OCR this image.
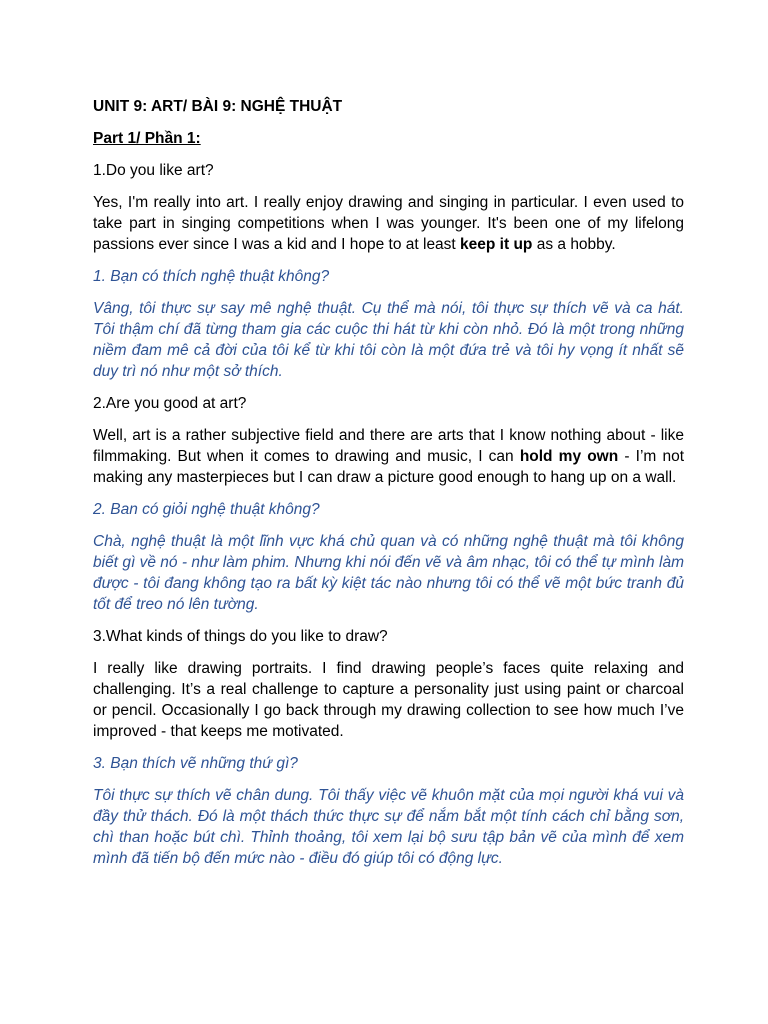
UNIT 9: ART/ BÀI 9: NGHỆ THUẬT

Part 1/ Phần 1:

1.Do you like art?

Yes, I'm really into art. I really enjoy drawing and singing in particular. I even used to take part in singing competitions when I was younger. It's been one of my lifelong passions ever since I was a kid and I hope to at least keep it up as a hobby.

1. Bạn có thích nghệ thuật không?

Vâng, tôi thực sự say mê nghệ thuật. Cụ thể mà nói, tôi thực sự thích vẽ và ca hát. Tôi thậm chí đã từng tham gia các cuộc thi hát từ khi còn nhỏ. Đó là một trong những niềm đam mê cả đời của tôi kể từ khi tôi còn là một đứa trẻ và tôi hy vọng ít nhất sẽ duy trì nó như một sở thích.

2.Are you good at art?

Well, art is a rather subjective field and there are arts that I know nothing about - like filmmaking. But when it comes to drawing and music, I can hold my own - I’m not making any masterpieces but I can draw a picture good enough to hang up on a wall.

2. Ban có giỏi nghệ thuật không?

Chà, nghệ thuật là một lĩnh vực khá chủ quan và có những nghệ thuật mà tôi không biết gì về nó - như làm phim. Nhưng khi nói đến vẽ và âm nhạc, tôi có thể tự mình làm được - tôi đang không tạo ra bất kỳ kiệt tác nào nhưng tôi có thể vẽ một bức tranh đủ tốt để treo nó lên tường.

3.What kinds of things do you like to draw?

I really like drawing portraits. I find drawing people’s faces quite relaxing and challenging. It’s a real challenge to capture a personality just using paint or charcoal or pencil. Occasionally I go back through my drawing collection to see how much I’ve improved - that keeps me motivated.

3. Bạn thích vẽ những thứ gì?

Tôi thực sự thích vẽ chân dung. Tôi thấy việc vẽ khuôn mặt của mọi người khá vui và đầy thử thách. Đó là một thách thức thực sự để nắm bắt một tính cách chỉ bằng sơn, chì than hoặc bút chì. Thỉnh thoảng, tôi xem lại bộ sưu tập bản vẽ của mình để xem mình đã tiến bộ đến mức nào - điều đó giúp tôi có động lực.
